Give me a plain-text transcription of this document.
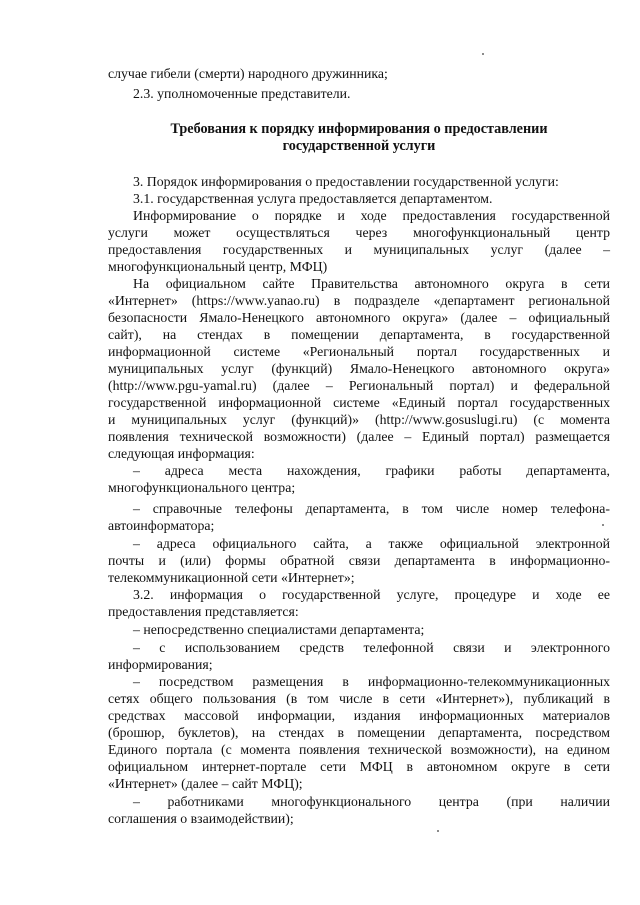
случае гибели (смерти) народного дружинника;
2.3. уполномоченные представители.
Требования к порядку информирования о предоставлении
государственной услуги
3. Порядок информирования о предоставлении государственной услуги:
3.1. государственная услуга предоставляется департаментом.
Информирование о порядке и ходе предоставления государственной
услуги может осуществляться через многофункциональный центр
предоставления государственных и муниципальных услуг (далее –
многофункциональный центр, МФЦ)
На официальном сайте Правительства автономного округа в сети
«Интернет» (https://www.yanao.ru) в подразделе «департамент региональной
безопасности Ямало-Ненецкого автономного округа» (далее – официальный
сайт), на стендах в помещении департамента, в государственной
информационной системе «Региональный портал государственных и
муниципальных услуг (функций) Ямало-Ненецкого автономного округа»
(http://www.pgu-yamal.ru) (далее – Региональный портал) и федеральной
государственной информационной системе «Единый портал государственных
и муниципальных услуг (функций)» (http://www.gosuslugi.ru) (с момента
появления технической возможности) (далее – Единый портал) размещается
следующая информация:
– адреса места нахождения, графики работы департамента,
многофункционального центра;
– справочные телефоны департамента, в том числе номер телефона-
автоинформатора;
– адреса официального сайта, а также официальной электронной
почты и (или) формы обратной связи департамента в информационно-
телекоммуникационной сети «Интернет»;
3.2. информация о государственной услуге, процедуре и ходе ее
предоставления представляется:
– непосредственно специалистами департамента;
– с использованием средств телефонной связи и электронного
информирования;
– посредством размещения в информационно-телекоммуникационных
сетях общего пользования (в том числе в сети «Интернет»), публикаций в
средствах массовой информации, издания информационных материалов
(брошюр, буклетов), на стендах в помещении департамента, посредством
Единого портала (с момента появления технической возможности), на едином
официальном интернет-портале сети МФЦ в автономном округе в сети
«Интернет» (далее – сайт МФЦ);
– работниками многофункционального центра (при наличии
соглашения о взаимодействии);
